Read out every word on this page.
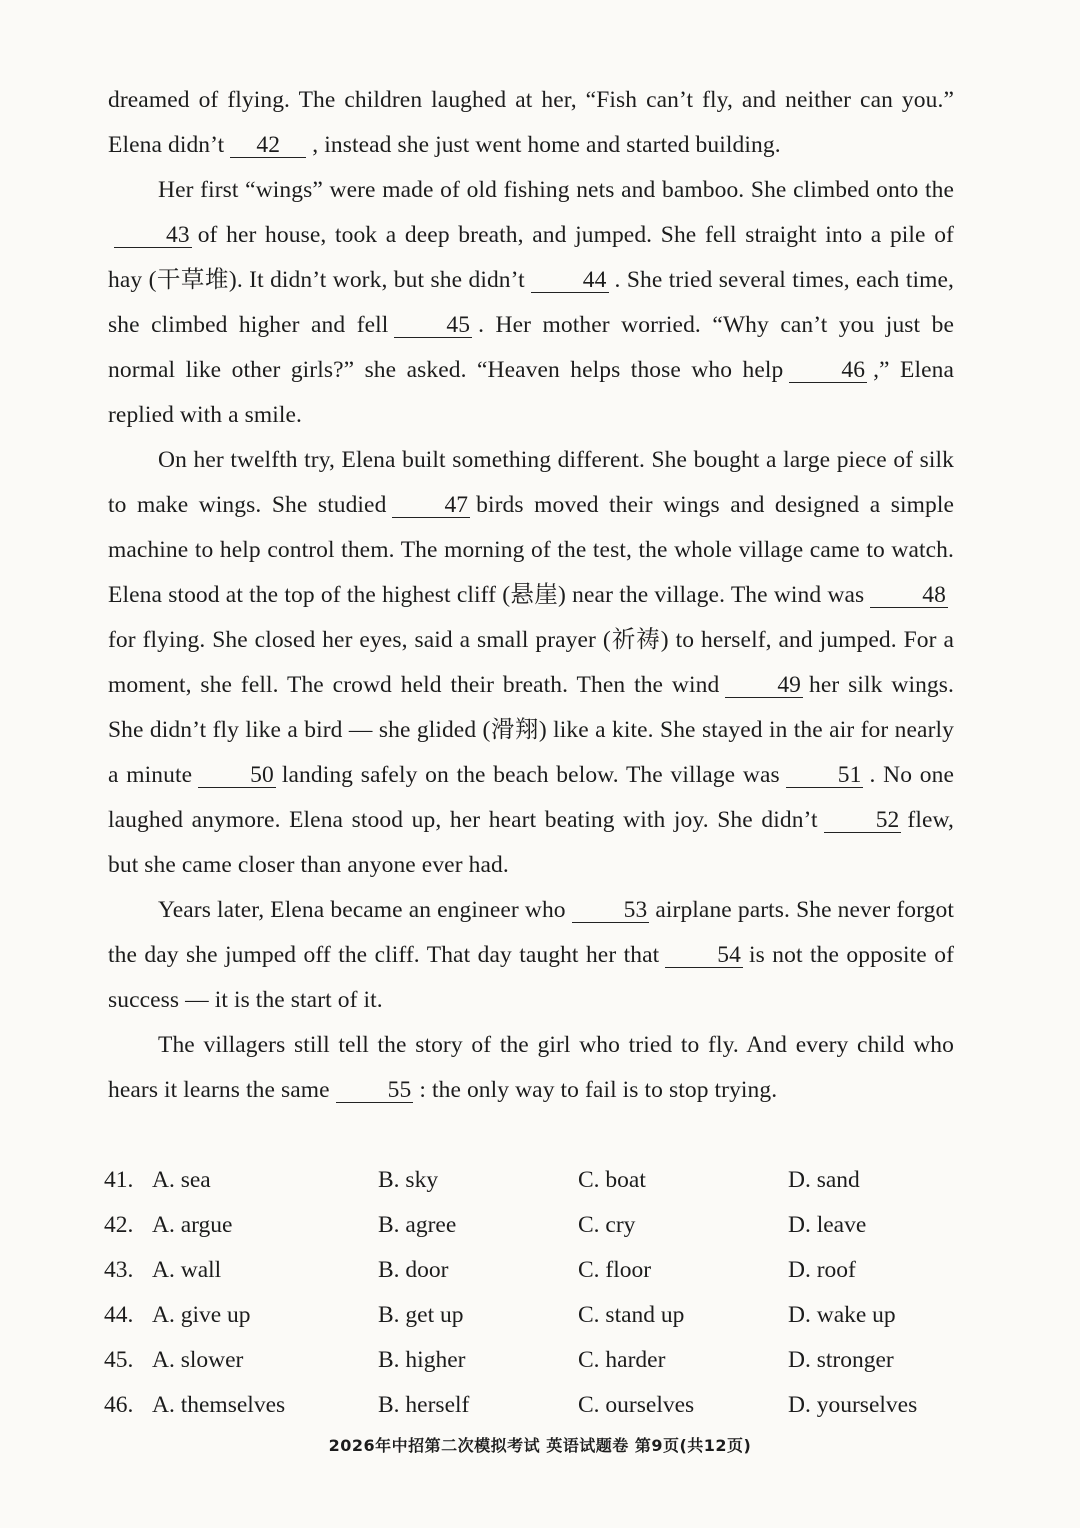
dreamed of flying. The children laughed at her, “Fish can’t fly, and neither can you.” Elena didn’t 42 , instead she just went home and started building.

Her first “wings” were made of old fishing nets and bamboo. She climbed onto the43 of her house, took a deep breath, and jumped. She fell straight into a pile of hay (干草堆). It didn’t work, but she didn’t 44 . She tried several times, each time, she climbed higher and fell 45 . Her mother worried. “Why can’t you just be normal like other girls?” she asked. “Heaven helps those who help 46 ,” Elena replied with a smile.

On her twelfth try, Elena built something different. She bought a large piece of silk to make wings. She studied 47 birds moved their wings and designed a simple machine to help control them. The morning of the test, the whole village came to watch. Elena stood at the top of the highest cliff (悬崖) near the village. The wind was 48for flying. She closed her eyes, said a small prayer (祈祷) to herself, and jumped. For a moment, she fell. The crowd held their breath. Then the wind 49 her silk wings. She didn’t fly like a bird — she glided (滑翔) like a kite. She stayed in the air for nearly a minute 50 landing safely on the beach below. The village was 51 . No one laughed anymore. Elena stood up, her heart beating with joy. She didn’t 52 flew, but she came closer than anyone ever had.

Years later, Elena became an engineer who 53 airplane parts. She never forgot the day she jumped off the cliff. That day taught her that 54 is not the opposite of success — it is the start of it.

The villagers still tell the story of the girl who tried to fly. And every child who hears it learns the same 55 : the only way to fail is to stop trying.

41. A. sea	B. sky	C. boat	D. sand
42. A. argue	B. agree	C. cry	D. leave
43. A. wall	B. door	C. floor	D. roof
44. A. give up	B. get up	C. stand up	D. wake up
45. A. slower	B. higher	C. harder	D. stronger
46. A. themselves	B. herself	C. ourselves	D. yourselves
2026年中招第二次模拟考试 英语试题卷 第9页(共12页)
